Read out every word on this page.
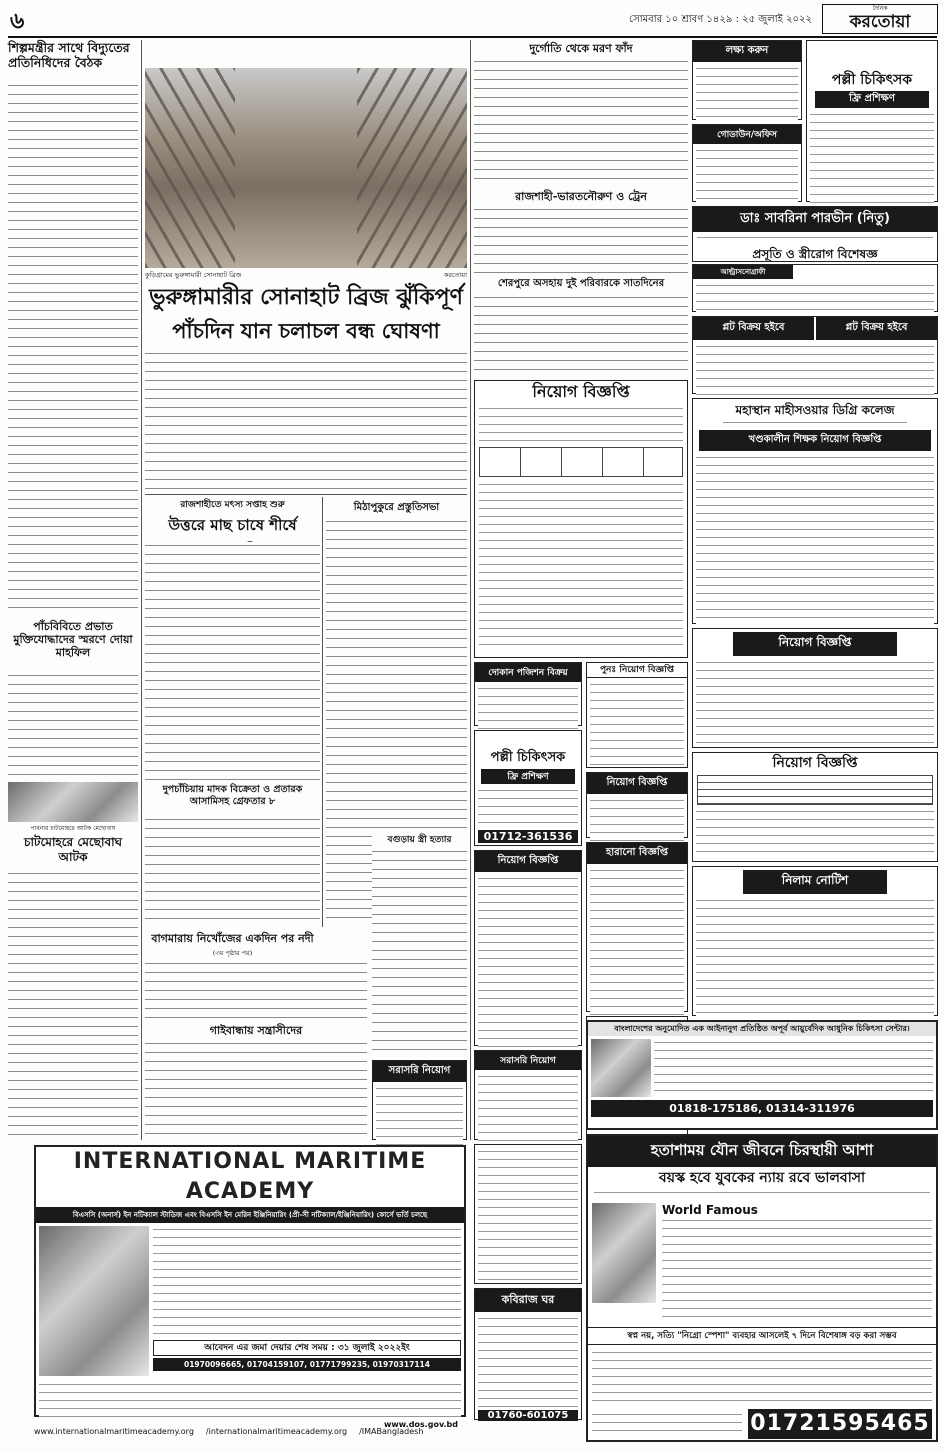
৬	সোমবার ১০ শ্রাবণ ১৪২৯ : ২৫ জুলাই ২০২২
দৈনিক
করতোয়া
শিল্পমন্ত্রীর সাথে বিদ্যুতের প্রতিনিধিদের বৈঠক
পাঁচবিবিতে প্রভাত মুক্তিযোদ্ধাদের স্মরণে দোয়া মাহফিল
পাবনার চাটমোহরে আটক মেছোবাঘ
চাটমোহরে মেছোবাঘ আটক
কুড়িগ্রামের ভুরুঙ্গামারী সোনাহাট ব্রিজ	করতোয়া
ভুরুঙ্গামারীর সোনাহাট ব্রিজ ঝুঁকিপূর্ণ
পাঁচদিন যান চলাচল বন্ধ ঘোষণা
রাজশাহীতে মৎস্য সপ্তাহ শুরু
উত্তরে মাছ চাষে শীর্ষে
দুপচাঁচিয়ায় মাদক বিক্রেতা ও প্রতারক আসামিসহ গ্রেফতার ৮
বাগমারায় নিখোঁজের একদিন পর নদী
(৩য় পৃষ্ঠার পর)
গাইবান্ধায় সন্ত্রাসীদের
মিঠাপুকুরে প্রস্তুতিসভা
বগুড়ায় স্ত্রী হত্যার
সরাসরি নিয়োগ
দুর্গোতি থেকে মরণ ফাঁদ
রাজশাহী-ভারতনৌরুণ ও ট্রেন
শেরপুরে অসহায় দুই পরিবারকে সাতদিনের
নিয়োগ বিজ্ঞপ্তি
দোকান পজিশন বিক্রয়
পল্লী চিকিৎসক
ফ্রি প্রশিক্ষণ
01712-361536
নিয়োগ বিজ্ঞপ্তি
সরাসরি নিয়োগ
পুনঃ নিয়োগ বিজ্ঞপ্তি
নিয়োগ বিজ্ঞপ্তি
হারানো বিজ্ঞপ্তি
লক্ষ্য করুন
গোডাউন/অফিস
পল্লী চিকিৎসক
ফ্রি প্রশিক্ষণ
ডাঃ সাবরিনা পারভীন (নিতু)
প্রসূতি ও স্ত্রীরোগ বিশেষজ্ঞ
আল্ট্রাসনোগ্রাফী
প্লট বিক্রয় হইবে	প্লট বিক্রয় হইবে
মহাস্থান মাহীসওয়ার ডিগ্রি কলেজ
খণ্ডকালীন শিক্ষক নিয়োগ বিজ্ঞপ্তি
নিয়োগ বিজ্ঞপ্তি
নিয়োগ বিজ্ঞপ্তি
নিলাম নোটিশ
বাংলাদেশের অনুমোদিত এক আইনানুগ প্রতিষ্ঠিত অপূর্ব আয়ুর্বেদিক আধুনিক চিকিৎসা সেন্টার।
01818-175186, 01314-311976
INTERNATIONAL MARITIME ACADEMY
বিএসসি (অনার্স) ইন নটিক্যাল স্টাডিজ এবং বিএসসি ইন মেরিন ইঞ্জিনিয়ারিং (প্রী-সী নটিক্যাল/ইঞ্জিনিয়ারিং) কোর্সে ভর্তি চলছে
আবেদন এর জমা দেয়ার শেষ সময় : ৩১ জুলাই ২০২২ইং
01970096665, 01704159107, 01771799235, 01970317114
www.dos.gov.bd
www.internationalmaritimeacademy.org /internationalmaritimeacademy.org /IMABangladesh
কবিরাজ ঘর
01760-601075
হতাশাময় যৌন জীবনে চিরস্থায়ী আশা
বয়স্ক হবে যুবকের ন্যায় রবে ভালবাসা
World Famous
স্বপ্ন নয়, সত্যি "নিগ্রো স্পেশা" ব্যবহার আসলেই ৭ দিনে বিশেষাঙ্গ বড় করা সম্ভব
01721595465
